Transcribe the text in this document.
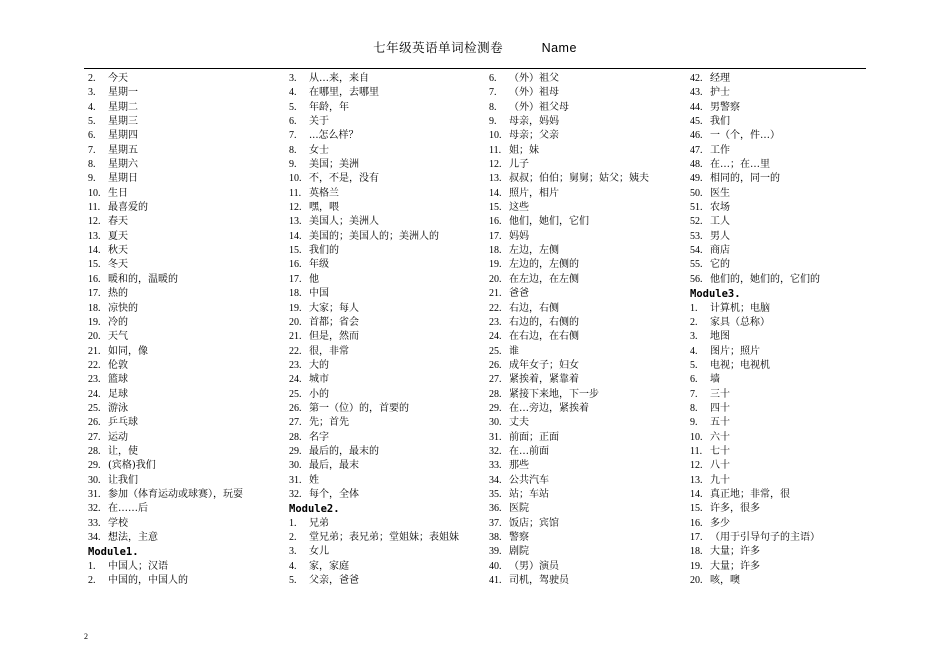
七年级英语单词检测卷	Name
2. 今天
3. 星期一
4. 星期二
5. 星期三
6. 星期四
7. 星期五
8. 星期六
9. 星期日
10. 生日
11. 最喜爱的
12. 春天
13. 夏天
14. 秋天
15. 冬天
16. 暖和的，温暖的
17. 热的
18. 凉快的
19. 冷的
20. 天气
21. 如同，像
22. 伦敦
23. 篮球
24. 足球
25. 游泳
26. 乒乓球
27. 运动
28. 让，使
29. (宾格)我们
30. 让我们
31. 参加（体育运动或球赛），玩耍
32. 在……后
33. 学校
34. 想法，主意
Module1.
1. 中国人；汉语
2. 中国的，中国人的
3. 从…来，来自
4. 在哪里，去哪里
5. 年龄，年
6. 关于
7. ...怎么样？
8. 女士
9. 美国；美洲
10. 不，不是，没有
11. 英格兰
12. 嘿，喂
13. 美国人；美洲人
14. 美国的；美国人的；美洲人的
15. 我们的
16. 年级
17. 他
18. 中国
19. 大家；每人
20. 首都；省会
21. 但是，然而
22. 很，非常
23. 大的
24. 城市
25. 小的
26. 第一（位）的，首要的
27. 先；首先
28. 名字
29. 最后的，最末的
30. 最后，最末
31. 姓
32. 每个，全体
Module2.
1. 兄弟
2. 堂兄弟；表兄弟；堂姐妹；表姐妹
3. 女儿
4. 家，家庭
5. 父亲，爸爸
6. （外）祖父
7. （外）祖母
8. （外）祖父母
9. 母亲，妈妈
10. 母亲；父亲
11. 姐；妹
12. 儿子
13. 叔叔；伯伯；舅舅；姑父；姨夫
14. 照片，相片
15. 这些
16. 他们，她们，它们
17. 妈妈
18. 左边，左侧
19. 左边的，左侧的
20. 在左边，在左侧
21. 爸爸
22. 右边，右侧
23. 右边的，右侧的
24. 在右边，在右侧
25. 谁
26. 成年女子；妇女
27. 紧挨着，紧靠着
28. 紧接下来地，下一步
29. 在…旁边，紧挨着
30. 丈夫
31. 前面；正面
32. 在…前面
33. 那些
34. 公共汽车
35. 站；车站
36. 医院
37. 饭店；宾馆
38. 警察
39. 剧院
40. （男）演员
41. 司机，驾驶员
42. 经理
43. 护士
44. 男警察
45. 我们
46. 一（个，件…）
47. 工作
48. 在…；在…里
49. 相同的，同一的
50. 医生
51. 农场
52. 工人
53. 男人
54. 商店
55. 它的
56. 他们的，她们的，它们的
Module3.
1. 计算机；电脑
2. 家具（总称）
3. 地图
4. 图片；照片
5. 电视；电视机
6. 墙
7. 三十
8. 四十
9. 五十
10. 六十
11. 七十
12. 八十
13. 九十
14. 真正地；非常，很
15. 许多，很多
16. 多少
17. （用于引导句子的主语）
18. 大量；许多
19. 大量；许多
20. 咳，噢
2
